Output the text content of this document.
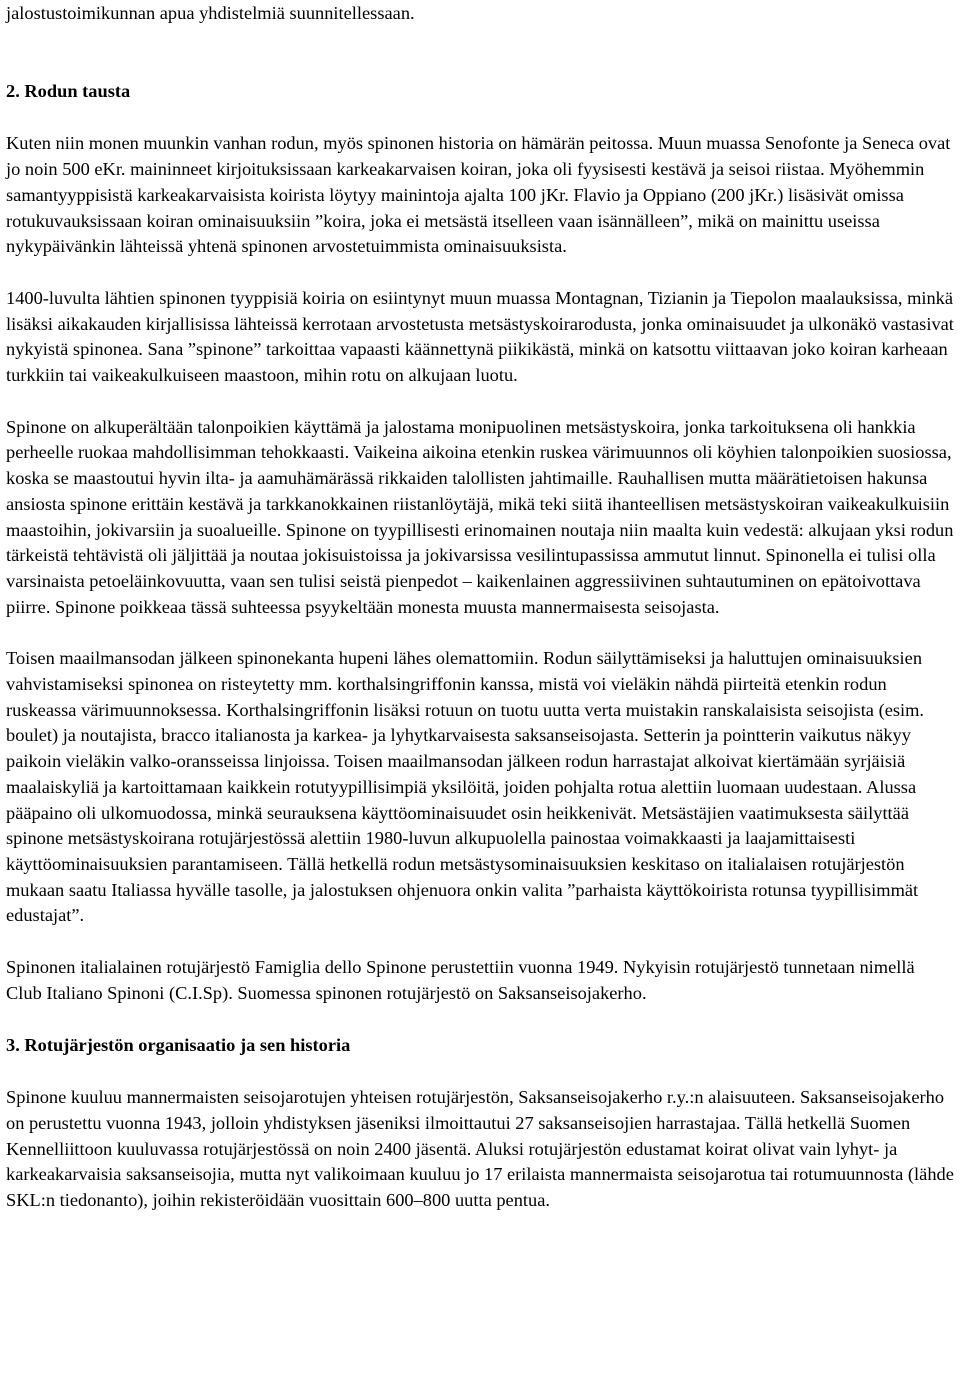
jalostustoimikunnan apua yhdistelmiä suunnitellessaan.

2. Rodun tausta

Kuten niin monen muunkin vanhan rodun, myös spinonen historia on hämärän peitossa. Muun muassa Senofonte ja Seneca ovat jo noin 500 eKr. maininneet kirjoituksissaan karkeakarvaisen koiran, joka oli fyysisesti kestävä ja seisoi riistaa. Myöhemmin samantyyppisistä karkeakarvaisista koirista löytyy mainintoja ajalta 100 jKr. Flavio ja Oppiano (200 jKr.) lisäsivät omissa rotukuvauksissaan koiran ominaisuuksiin ”koira, joka ei metsästä itselleen vaan isännälleen”, mikä on mainittu useissa nykypäivänkin lähteissä yhtenä spinonen arvostetuimmista ominaisuuksista.

1400-luvulta lähtien spinonen tyyppisiä koiria on esiintynyt muun muassa Montagnan, Tizianin ja Tiepolon maalauksissa, minkä lisäksi aikakauden kirjallisissa lähteissä kerrotaan arvostetusta metsästyskoirarodusta, jonka ominaisuudet ja ulkonäkö vastasivat nykyistä spinonea. Sana ”spinone” tarkoittaa vapaasti käännettynä piikikästä, minkä on katsottu viittaavan joko koiran karheaan turkkiin tai vaikeakulkuiseen maastoon, mihin rotu on alkujaan luotu.

Spinone on alkuperältään talonpoikien käyttämä ja jalostama monipuolinen metsästyskoira, jonka tarkoituksena oli hankkia perheelle ruokaa mahdollisimman tehokkaasti. Vaikeina aikoina etenkin ruskea värimuunnos oli köyhien talonpoikien suosiossa, koska se maastoutui hyvin ilta- ja aamuhämärässä rikkaiden talollisten jahtimaille. Rauhallisen mutta määrätietoisen hakunsa ansiosta spinone erittäin kestävä ja tarkkanokkainen riistanlöytäjä, mikä teki siitä ihanteellisen metsästyskoiran vaikeakulkuisiin maastoihin, jokivarsiin ja suoalueille. Spinone on tyypillisesti erinomainen noutaja niin maalta kuin vedestä: alkujaan yksi rodun tärkeistä tehtävistä oli jäljittää ja noutaa jokisuistoissa ja jokivarsissa vesilintupassissa ammutut linnut. Spinonella ei tulisi olla varsinaista petoeläinkovuutta, vaan sen tulisi seistä pienpedot – kaikenlainen aggressiivinen suhtautuminen on epätoivottava piirre. Spinone poikkeaa tässä suhteessa psyykeltään monesta muusta mannermaisesta seisojasta.

Toisen maailmansodan jälkeen spinonekanta hupeni lähes olemattomiin. Rodun säilyttämiseksi ja haluttujen ominaisuuksien vahvistamiseksi spinonea on risteytetty mm. korthalsingriffonin kanssa, mistä voi vieläkin nähdä piirteitä etenkin rodun ruskeassa värimuunnoksessa. Korthalsingriffonin lisäksi rotuun on tuotu uutta verta muistakin ranskalaisista seisojista (esim. boulet) ja noutajista, bracco italianosta ja karkea- ja lyhytkarvaisesta saksanseisojasta. Setterin ja pointterin vaikutus näkyy paikoin vieläkin valko-oransseissa linjoissa. Toisen maailmansodan jälkeen rodun harrastajat alkoivat kiertämään syrjäisiä maalaiskyliä ja kartoittamaan kaikkein rotutyypillisimpiä yksilöitä, joiden pohjalta rotua alettiin luomaan uudestaan. Alussa pääpaino oli ulkomuodossa, minkä seurauksena käyttöominaisuudet osin heikkenivät. Metsästäjien vaatimuksesta säilyttää spinone metsästyskoirana rotujärjestössä alettiin 1980-luvun alkupuolella painostaa voimakkaasti ja laajamittaisesti käyttöominaisuuksien parantamiseen. Tällä hetkellä rodun metsästysominaisuuksien keskitaso on italialaisen rotujärjestön mukaan saatu Italiassa hyvälle tasolle, ja jalostuksen ohjenuora onkin valita ”parhaista käyttökoirista rotunsa tyypillisimmät edustajat”.

Spinonen italialainen rotujärjestö Famiglia dello Spinone perustettiin vuonna 1949. Nykyisin rotujärjestö tunnetaan nimellä Club Italiano Spinoni (C.I.Sp). Suomessa spinonen rotujärjestö on Saksanseisojakerho.

3. Rotujärjestön organisaatio ja sen historia

Spinone kuuluu mannermaisten seisojarotujen yhteisen rotujärjestön, Saksanseisojakerho r.y.:n alaisuuteen. Saksanseisojakerho on perustettu vuonna 1943, jolloin yhdistyksen jäseniksi ilmoittautui 27 saksanseisojien harrastajaa. Tällä hetkellä Suomen Kennelliittoon kuuluvassa rotujärjestössä on noin 2400 jäsentä. Aluksi rotujärjestön edustamat koirat olivat vain lyhyt- ja karkeakarvaisia saksanseisojia, mutta nyt valikoimaan kuuluu jo 17 erilaista mannermaista seisojarotua tai rotumuunnosta (lähde SKL:n tiedonanto), joihin rekisteröidään vuosittain 600–800 uutta pentua.
